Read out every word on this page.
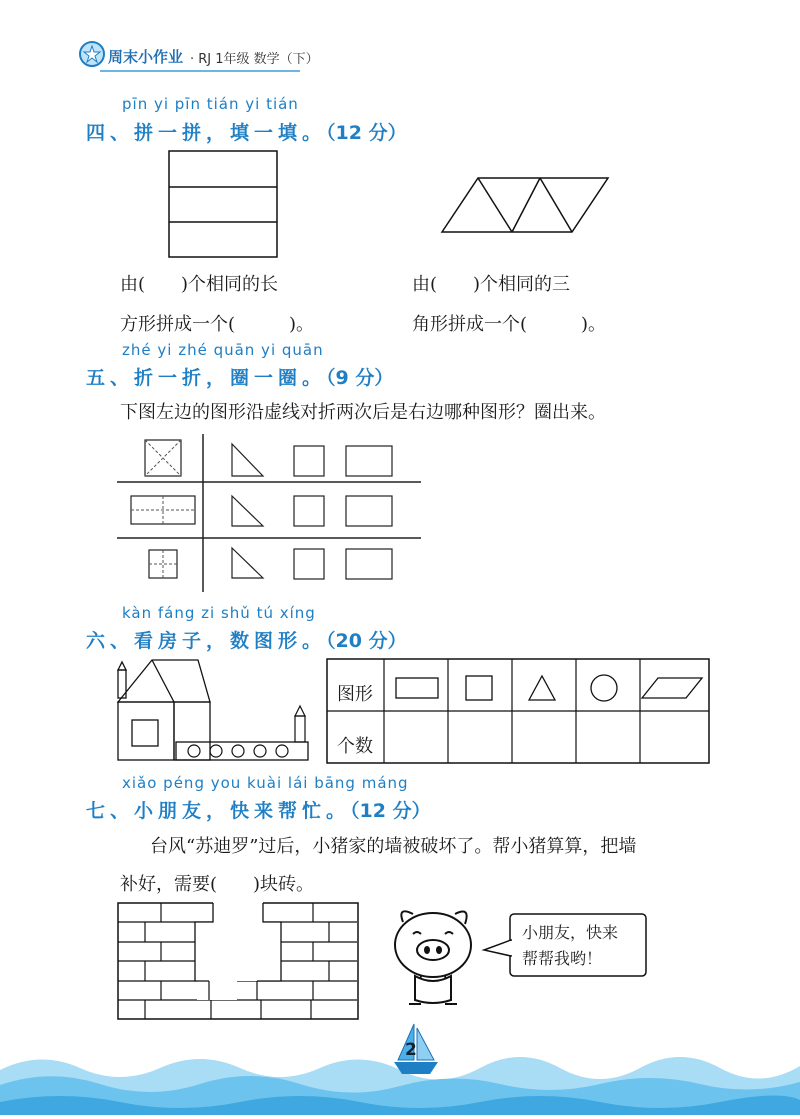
周末小作业 · RJ 1年级 数学（下）
pīn yi pīn tián yi tián
四、拼一拼，填一填。（12 分）
由(　　)个相同的长
方形拼成一个(　　　)。
由(　　)个相同的三
角形拼成一个(　　　)。
zhé yi zhé quān yi quān
五、折一折，圈一圈。（9 分）
下图左边的图形沿虚线对折两次后是右边哪种图形？圈出来。
kàn fáng zi shǔ tú xíng
六、看房子，数图形。（20 分）
图形
个数
xiǎo péng you kuài lái bāng máng
七、小朋友，快来帮忙。（12 分）
台风“苏迪罗”过后，小猪家的墙被破坏了。帮小猪算算，把墙
补好，需要(　　)块砖。
小朋友，快来
帮帮我哟！
2
